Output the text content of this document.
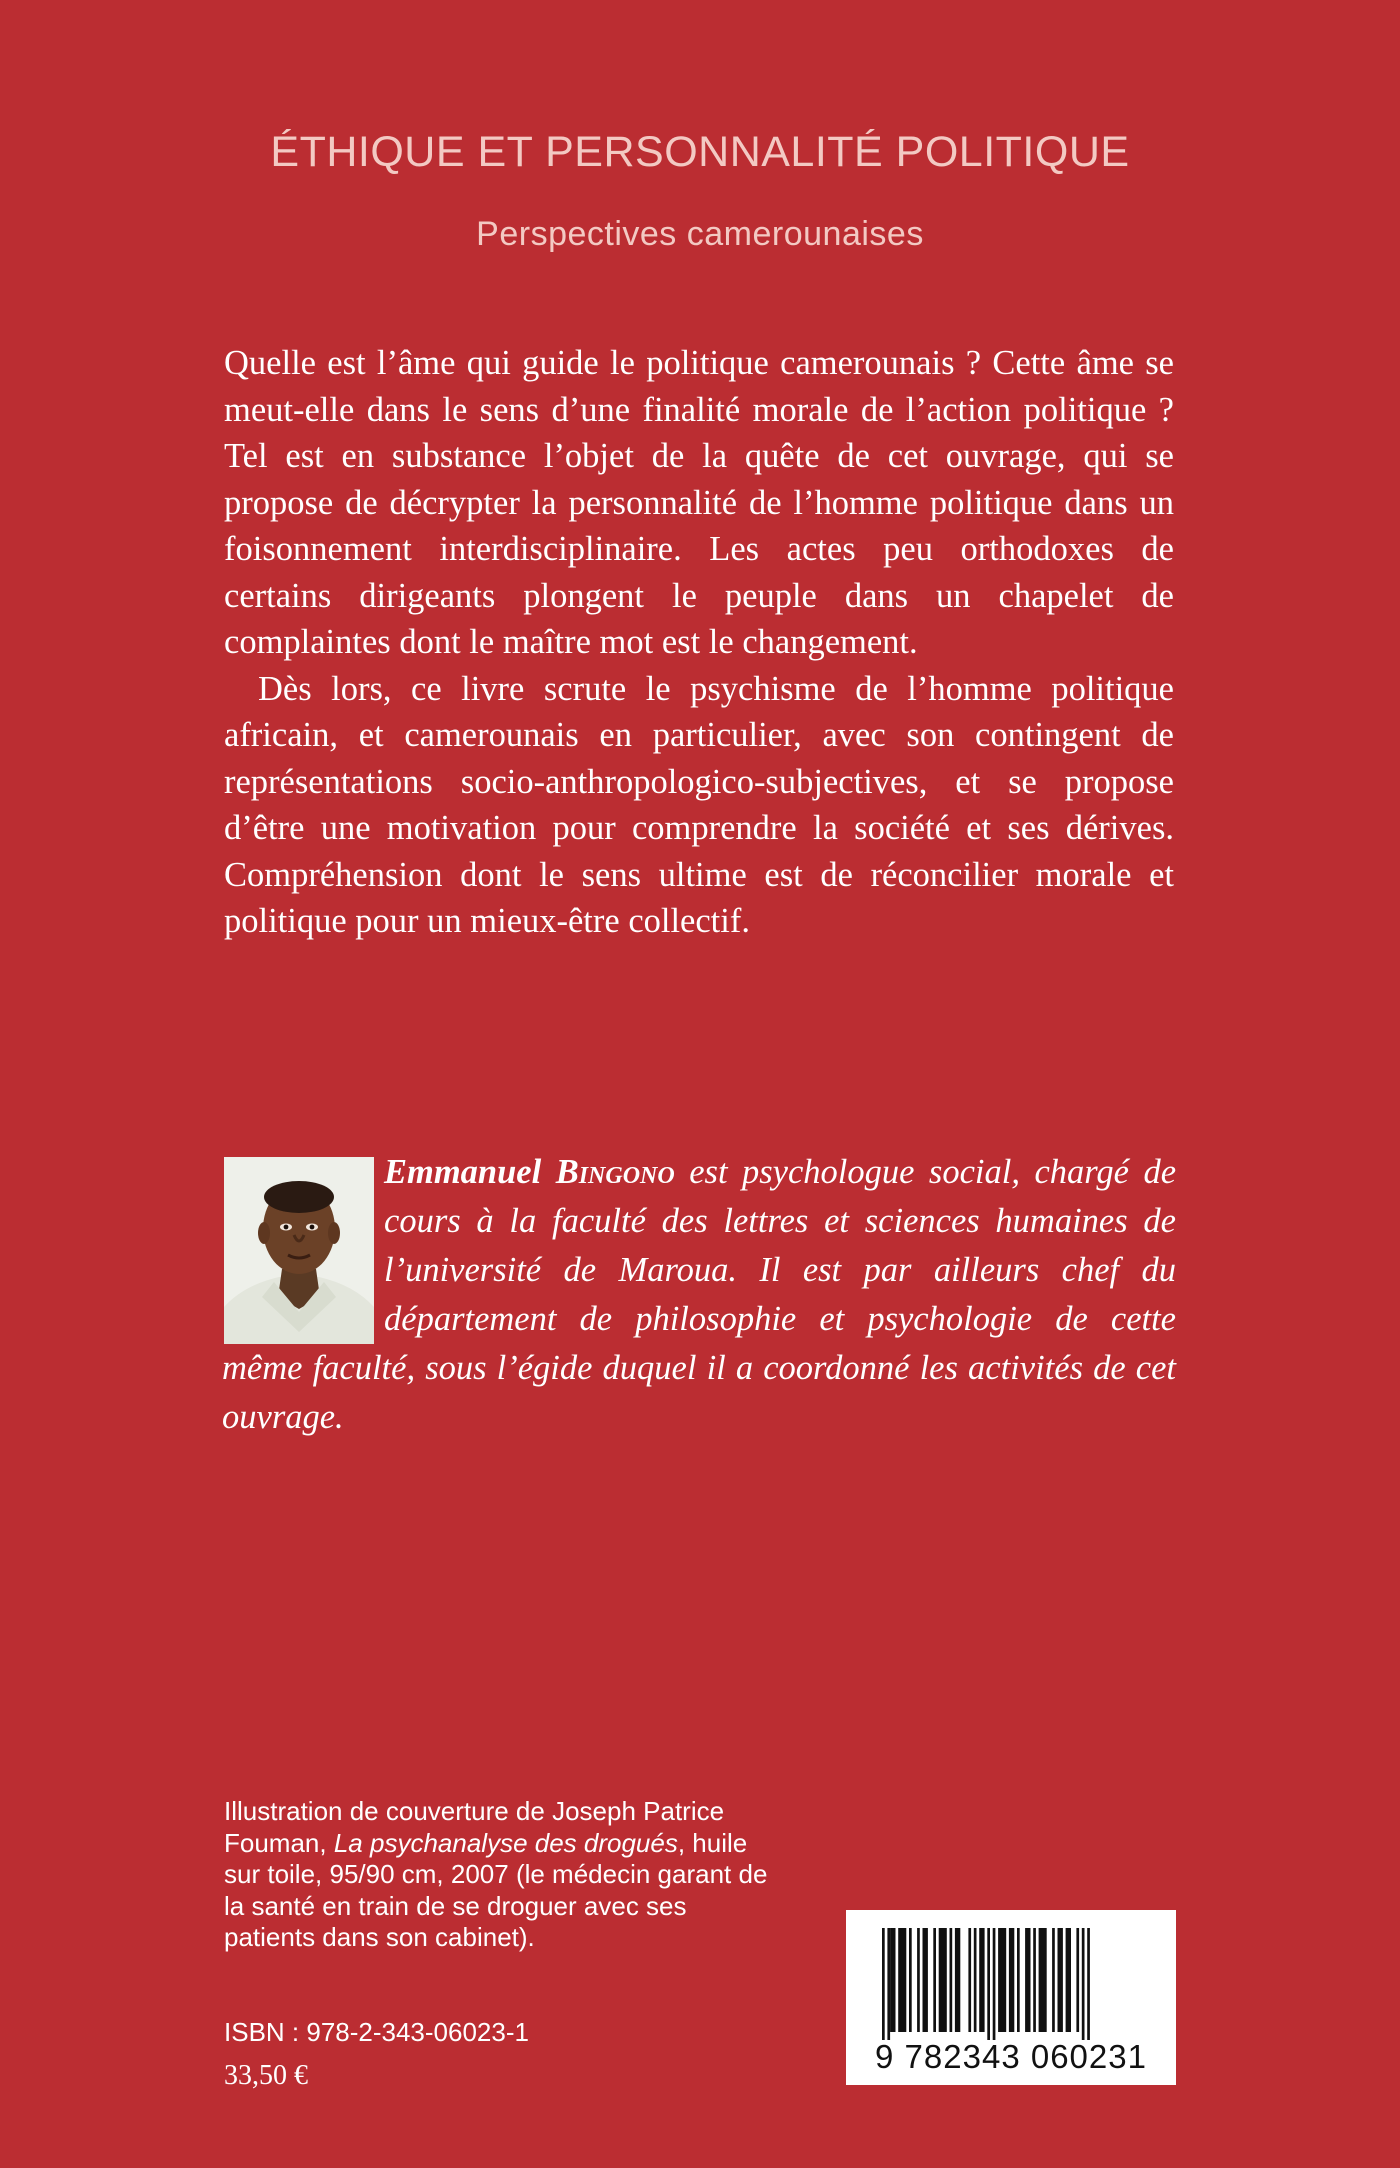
ÉTHIQUE ET PERSONNALITÉ POLITIQUE
Perspectives camerounaises

Quelle est l’âme qui guide le politique camerounais ? Cette âme se meut-elle dans le sens d’une finalité morale de l’action politique ? Tel est en substance l’objet de la quête de cet ouvrage, qui se propose de décrypter la personnalité de l’homme politique dans un foisonnement interdisciplinaire. Les actes peu orthodoxes de certains dirigeants plongent le peuple dans un chapelet de complaintes dont le maître mot est le changement.

Dès lors, ce livre scrute le psychisme de l’homme politique africain, et camerounais en particulier, avec son contingent de représentations socio-anthropologico-subjectives, et se propose d’être une motivation pour comprendre la société et ses dérives. Compréhension dont le sens ultime est de réconcilier morale et politique pour un mieux-être collectif.

Emmanuel Bingono est psychologue social, chargé de cours à la faculté des lettres et sciences humaines de l’université de Maroua. Il est par ailleurs chef du département de philosophie et psychologie de cette même faculté, sous l’égide duquel il a coordonné les activités de cet ouvrage.
Illustration de couverture de Joseph Patrice Fouman, La psychanalyse des drogués, huile sur toile, 95/90 cm, 2007 (le médecin garant de la santé en train de se droguer avec ses patients dans son cabinet).
ISBN : 978-2-343-06023-1
33,50 €
9 782343 060231
